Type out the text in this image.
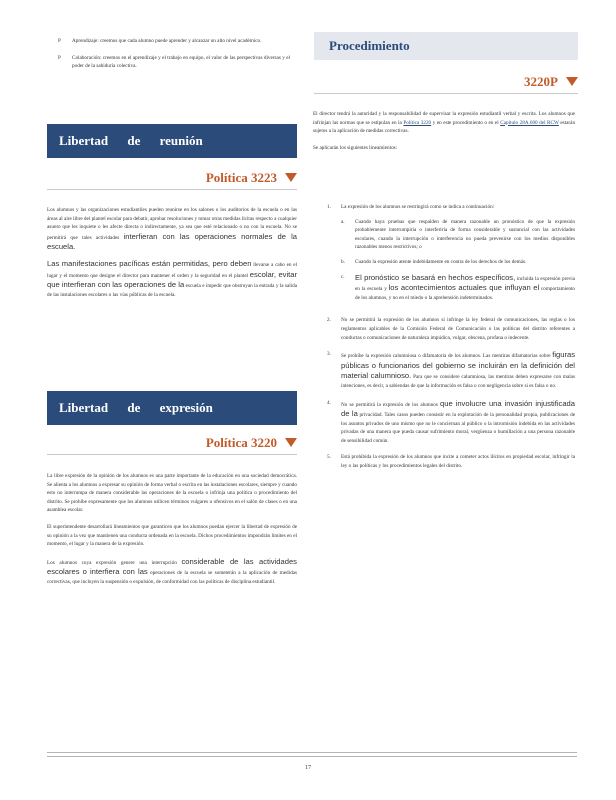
P	Aprendizaje: creemos que cada alumno puede aprender y alcanzar un alto nivel académico.

P	Colaboración: creemos en el aprendizaje y el trabajo en equipo, el valor de las perspectivas diversas y el poder de la sabiduría colectiva.

Libertad de reunión
Política 3223

Los alumnos y las organizaciones estudiantiles pueden reunirse en los salones o los auditorios de la escuela o en las áreas al aire libre del plantel escolar para debatir, aprobar resoluciones y tomar otras medidas lícitas respecto a cualquier asunto que les inquiete o les afecte directa o indirectamente, ya sea que esté relacionado o no con la escuela. No se permitirá que tales actividades interfieran con las operaciones normales de la escuela.

Las manifestaciones pacíficas están permitidas, pero deben llevarse a cabo en el lugar y el momento que designe el director para mantener el orden y la seguridad en el plantel escolar, evitar que interfieran con las operaciones de la escuela e impedir que obstruyan la entrada y la salida de las instalaciones escolares o las vías públicas de la escuela.

Libertad de expresión
Política 3220

La libre expresión de la opinión de los alumnos es una parte importante de la educación en una sociedad democrática. Se alienta a los alumnos a expresar su opinión de forma verbal o escrita en las instalaciones escolares, siempre y cuando esto no interrumpa de manera considerable las operaciones de la escuela o infrinja una política o procedimiento del distrito. Se prohíbe expresamente que los alumnos utilicen términos vulgares u ofensivos en el salón de clases o en una asamblea escolar.

El superintendente desarrollará lineamientos que garanticen que los alumnos puedan ejercer la libertad de expresión de su opinión a la vez que mantienen una conducta ordenada en la escuela. Dichos procedimientos impondrán límites en el momento, el lugar y la manera de la expresión.

Los alumnos cuya expresión genere una interrupción considerable de las actividades escolares o interfiera con las operaciones de la escuela se someterán a la aplicación de medidas correctivas, que incluyen la suspensión o expulsión, de conformidad con las políticas de disciplina estudiantil.

Procedimiento
3220P

El director tendrá la autoridad y la responsabilidad de supervisar la expresión estudiantil verbal y escrita. Los alumnos que infrinjan las normas que se estipulan en la Política 3220 y en este procedimiento o en el Capítulo 28A.600 del RCW estarán sujetos a la aplicación de medidas correctivas.

Se aplicarán los siguientes lineamientos:

1.	La expresión de los alumnos se restringirá como se indica a continuación:

a.	Cuando haya pruebas que respalden de manera razonable un pronóstico de que la expresión probablemente interrumpiría o interferiría de forma considerable y sustancial con las actividades escolares, cuando la interrupción o interferencia no pueda prevenirse con los medios disponibles razonables menos restrictivos; o

b.	Cuando la expresión atente indebidamente en contra de los derechos de los demás.

c.	El pronóstico se basará en hechos específicos, incluida la expresión previa en la escuela y los acontecimientos actuales que influyan el comportamiento de los alumnos, y no en el miedo o la aprehensión indeterminados.

2.	No se permitirá la expresión de los alumnos si infringe la ley federal de comunicaciones, las reglas o los reglamentos aplicables de la Comisión Federal de Comunicación o las políticas del distrito referentes a conductas o comunicaciones de naturaleza impúdica, vulgar, obscena, profana o indecente.

3.	Se prohíbe la expresión calumniosa o difamatoria de los alumnos. Las mentiras difamatorias sobre figuras públicas o funcionarios del gobierno se incluirán en la definición del material calumnioso. Para que se considere calumniosa, las mentiras deben expresarse con malas intenciones, es decir, a sabiendas de que la información es falsa o con negligencia sobre si es falsa o no.

4.	No se permitirá la expresión de los alumnos que involucre una invasión injustificada de la privacidad. Tales casos pueden consistir en la explotación de la personalidad propia, publicaciones de los asuntos privados de uno mismo que no le conciernan al público o la intromisión indebida en las actividades privadas de una manera que pueda causar sufrimiento moral, vergüenza o humillación a una persona razonable de sensibilidad común.

5.	Está prohibida la expresión de los alumnos que incite a cometer actos ilícitos en propiedad escolar, infringir la ley o las políticas y los procedimientos legales del distrito.

17
